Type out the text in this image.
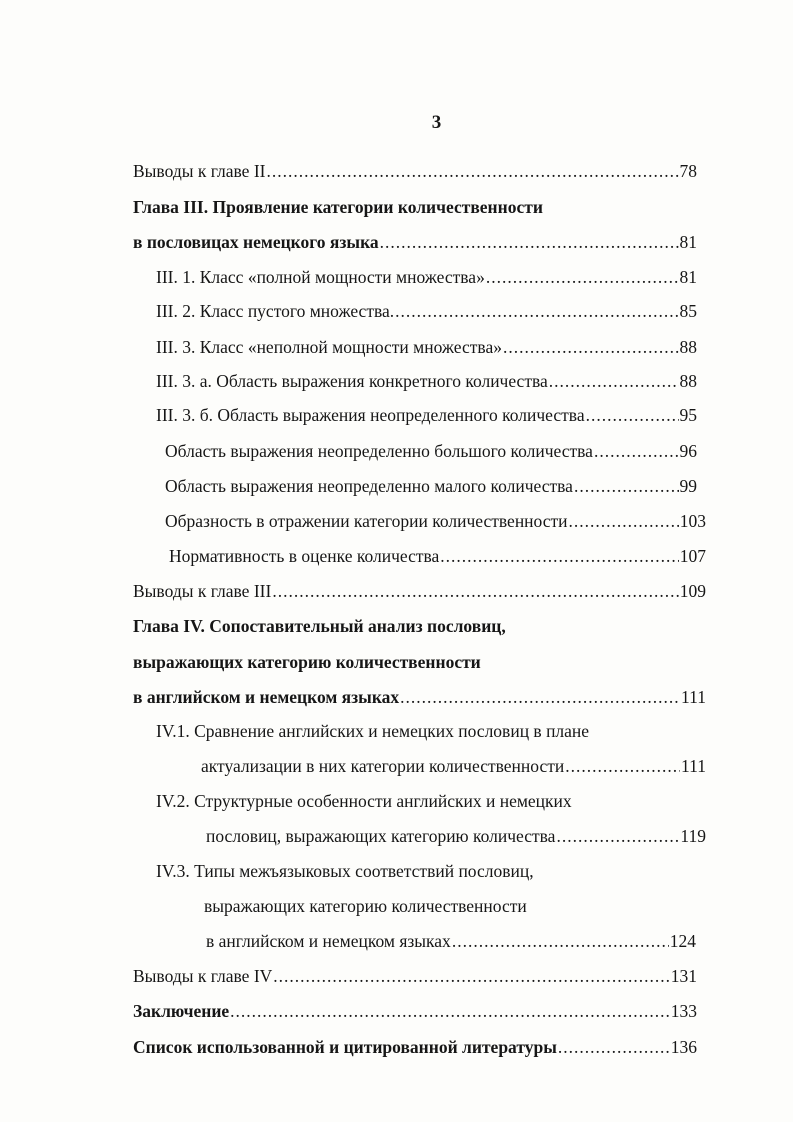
3
Выводы к главе II .....	78
Глава III. Проявление категории количественности
в пословицах немецкого языка .....	81
III. 1. Класс «полной мощности множества» .....	81
III. 2. Класс пустого множества. .....	85
III. 3. Класс «неполной мощности множества» .....	88
III. 3. а. Область выражения конкретного количества .....	88
III. 3. б. Область выражения неопределенного количества .....	95
Область выражения неопределенно большого количества .....	96
Область выражения неопределенно малого количества .....	99
Образность в отражении категории количественности .....	103
Нормативность в оценке количества .....	107
Выводы к главе III .....	109
Глава IV. Сопоставительный анализ пословиц,
выражающих категорию количественности
в английском и немецком языках .....	111
IV.1. Сравнение английских и немецких пословиц в плане
актуализации в них категории количественности .....	111
IV.2. Структурные особенности английских и немецких
пословиц, выражающих категорию количества .....	119
IV.3. Типы межъязыковых соответствий пословиц,
выражающих категорию количественности
в английском и немецком языках .....	124
Выводы к главе IV .....	131
Заключение .....	133
Список использованной и цитированной литературы .....	136
